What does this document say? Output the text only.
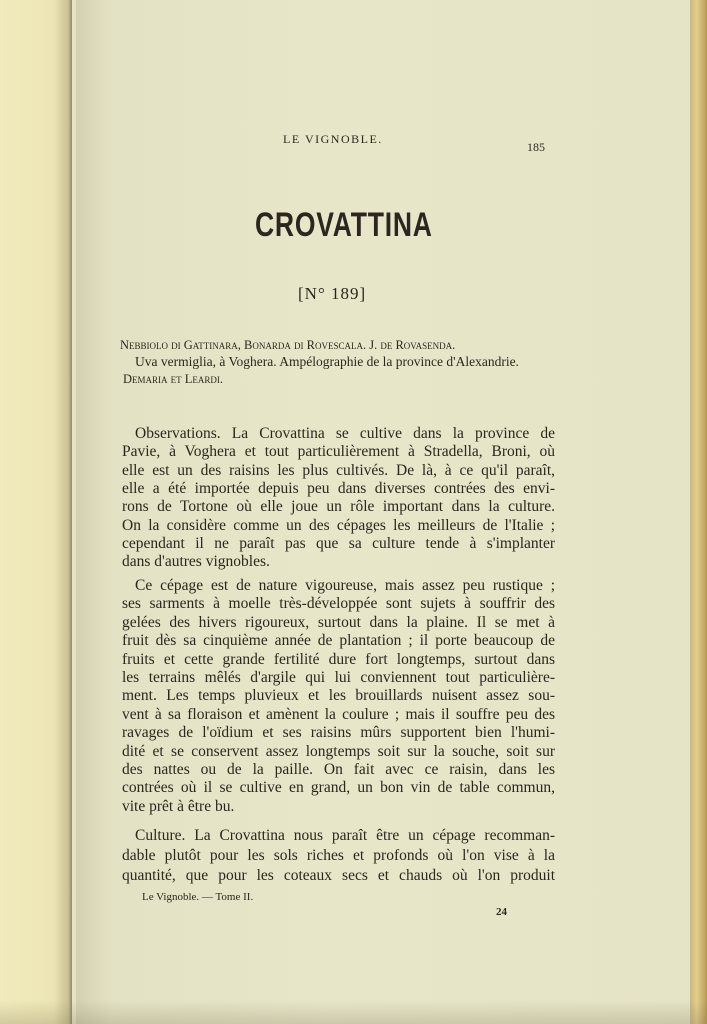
LE VIGNOBLE.
185
CROVATTINA
[N° 189]
Nebbiolo di Gattinara, Bonarda di Rovescala. J. de Rovasenda.
Uva vermiglia, à Voghera. Ampélographie de la province d'Alexandrie.
Demaria et Leardi.
Observations. La Crovattina se cultive dans la province de
Pavie, à Voghera et tout particulièrement à Stradella, Broni, où
elle est un des raisins les plus cultivés. De là, à ce qu'il paraît,
elle a été importée depuis peu dans diverses contrées des envi-
rons de Tortone où elle joue un rôle important dans la culture.
On la considère comme un des cépages les meilleurs de l'Italie ;
cependant il ne paraît pas que sa culture tende à s'implanter
dans d'autres vignobles.
Ce cépage est de nature vigoureuse, mais assez peu rustique ;
ses sarments à moelle très-développée sont sujets à souffrir des
gelées des hivers rigoureux, surtout dans la plaine. Il se met à
fruit dès sa cinquième année de plantation ; il porte beaucoup de
fruits et cette grande fertilité dure fort longtemps, surtout dans
les terrains mêlés d'argile qui lui conviennent tout particulière-
ment. Les temps pluvieux et les brouillards nuisent assez sou-
vent à sa floraison et amènent la coulure ; mais il souffre peu des
ravages de l'oïdium et ses raisins mûrs supportent bien l'humi-
dité et se conservent assez longtemps soit sur la souche, soit sur
des nattes ou de la paille. On fait avec ce raisin, dans les
contrées où il se cultive en grand, un bon vin de table commun,
vite prêt à être bu.
Culture. La Crovattina nous paraît être un cépage recomman-
dable plutôt pour les sols riches et profonds où l'on vise à la
quantité, que pour les coteaux secs et chauds où l'on produit
Le Vignoble. — Tome II.
24
